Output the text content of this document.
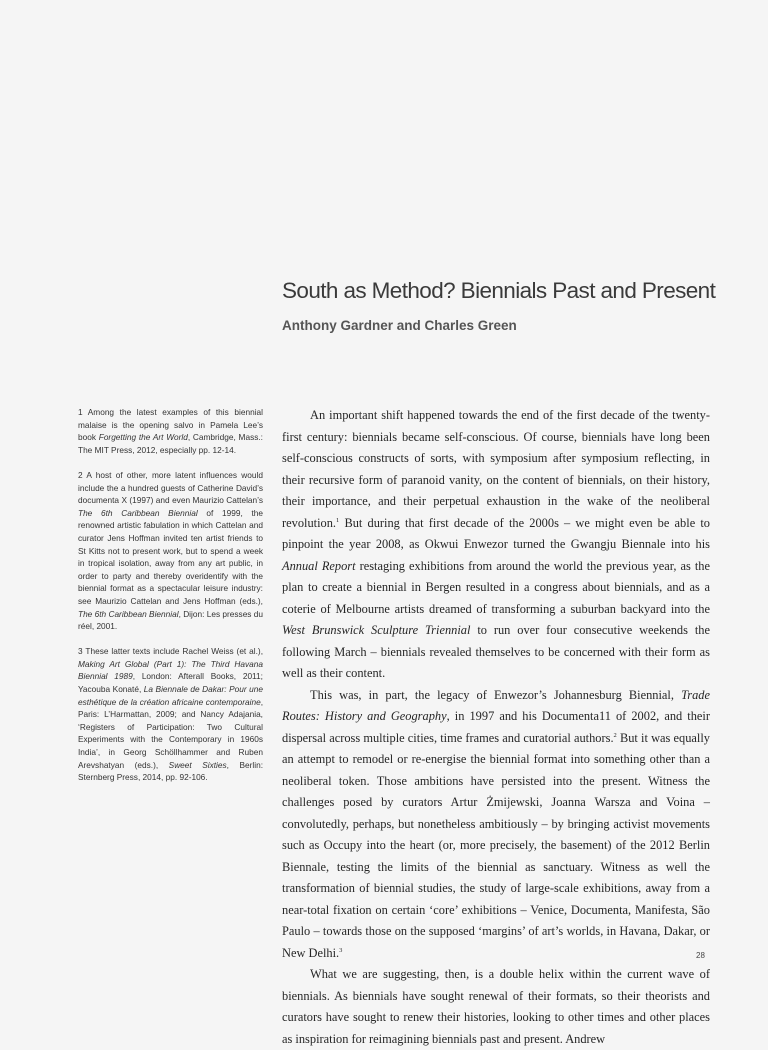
South as Method? Biennials Past and Present
Anthony Gardner and Charles Green

1 Among the latest examples of this biennial malaise is the opening salvo in Pamela Lee’s book Forgetting the Art World, Cambridge, Mass.: The MIT Press, 2012, especially pp. 12-14.

2 A host of other, more latent influences would include the a hundred guests of Catherine David’s documenta X (1997) and even Maurizio Cattelan’s The 6th Caribbean Biennial of 1999, the renowned artistic fabulation in which Cattelan and curator Jens Hoffman invited ten artist friends to St Kitts not to present work, but to spend a week in tropical isolation, away from any art public, in order to party and thereby overidentify with the biennial format as a spectacular leisure industry: see Maurizio Cattelan and Jens Hoffman (eds.), The 6th Caribbean Biennial, Dijon: Les presses du réel, 2001.

3 These latter texts include Rachel Weiss (et al.), Making Art Global (Part 1): The Third Havana Biennial 1989, London: Afterall Books, 2011; Yacouba Konaté, La Biennale de Dakar: Pour une esthétique de la création africaine contemporaine, Paris: L’Harmattan, 2009; and Nancy Adajania, ‘Registers of Participation: Two Cultural Experiments with the Contemporary in 1960s India’, in Georg Schöllhammer and Ruben Arevshatyan (eds.), Sweet Sixties, Berlin: Sternberg Press, 2014, pp. 92-106.

An important shift happened towards the end of the first decade of the twenty-first century: biennials became self-conscious. Of course, biennials have long been self-conscious constructs of sorts, with symposium after symposium reflecting, in their recursive form of paranoid vanity, on the content of biennials, on their history, their importance, and their perpetual exhaustion in the wake of the neoliberal revolution.$^1$ But during that first decade of the 2000s – we might even be able to pinpoint the year 2008, as Okwui Enwezor turned the Gwangju Biennale into his Annual Report restaging exhibitions from around the world the previous year, as the plan to create a biennial in Bergen resulted in a congress about biennials, and as a coterie of Melbourne artists dreamed of transforming a suburban backyard into the West Brunswick Sculpture Triennial to run over four consecutive weekends the following March – biennials revealed themselves to be concerned with their form as well as their content.

This was, in part, the legacy of Enwezor’s Johannesburg Biennial, Trade Routes: History and Geography, in 1997 and his Documenta11 of 2002, and their dispersal across multiple cities, time frames and curatorial authors.$^2$ But it was equally an attempt to remodel or re-energise the biennial format into something other than a neoliberal token. Those ambitions have persisted into the present. Witness the challenges posed by curators Artur Żmijewski, Joanna Warsza and Voina – convolutedly, perhaps, but nonetheless ambitiously – by bringing activist movements such as Occupy into the heart (or, more precisely, the basement) of the 2012 Berlin Biennale, testing the limits of the biennial as sanctuary. Witness as well the transformation of biennial studies, the study of large-scale exhibitions, away from a near-total fixation on certain ‘core’ exhibitions – Venice, Documenta, Manifesta, São Paulo – towards those on the supposed ‘margins’ of art’s worlds, in Havana, Dakar, or New Delhi.$^3$

What we are suggesting, then, is a double helix within the current wave of biennials. As biennials have sought renewal of their formats, so their theorists and curators have sought to renew their histories, looking to other times and other places as inspiration for reimagining biennials past and present. Andrew

28
